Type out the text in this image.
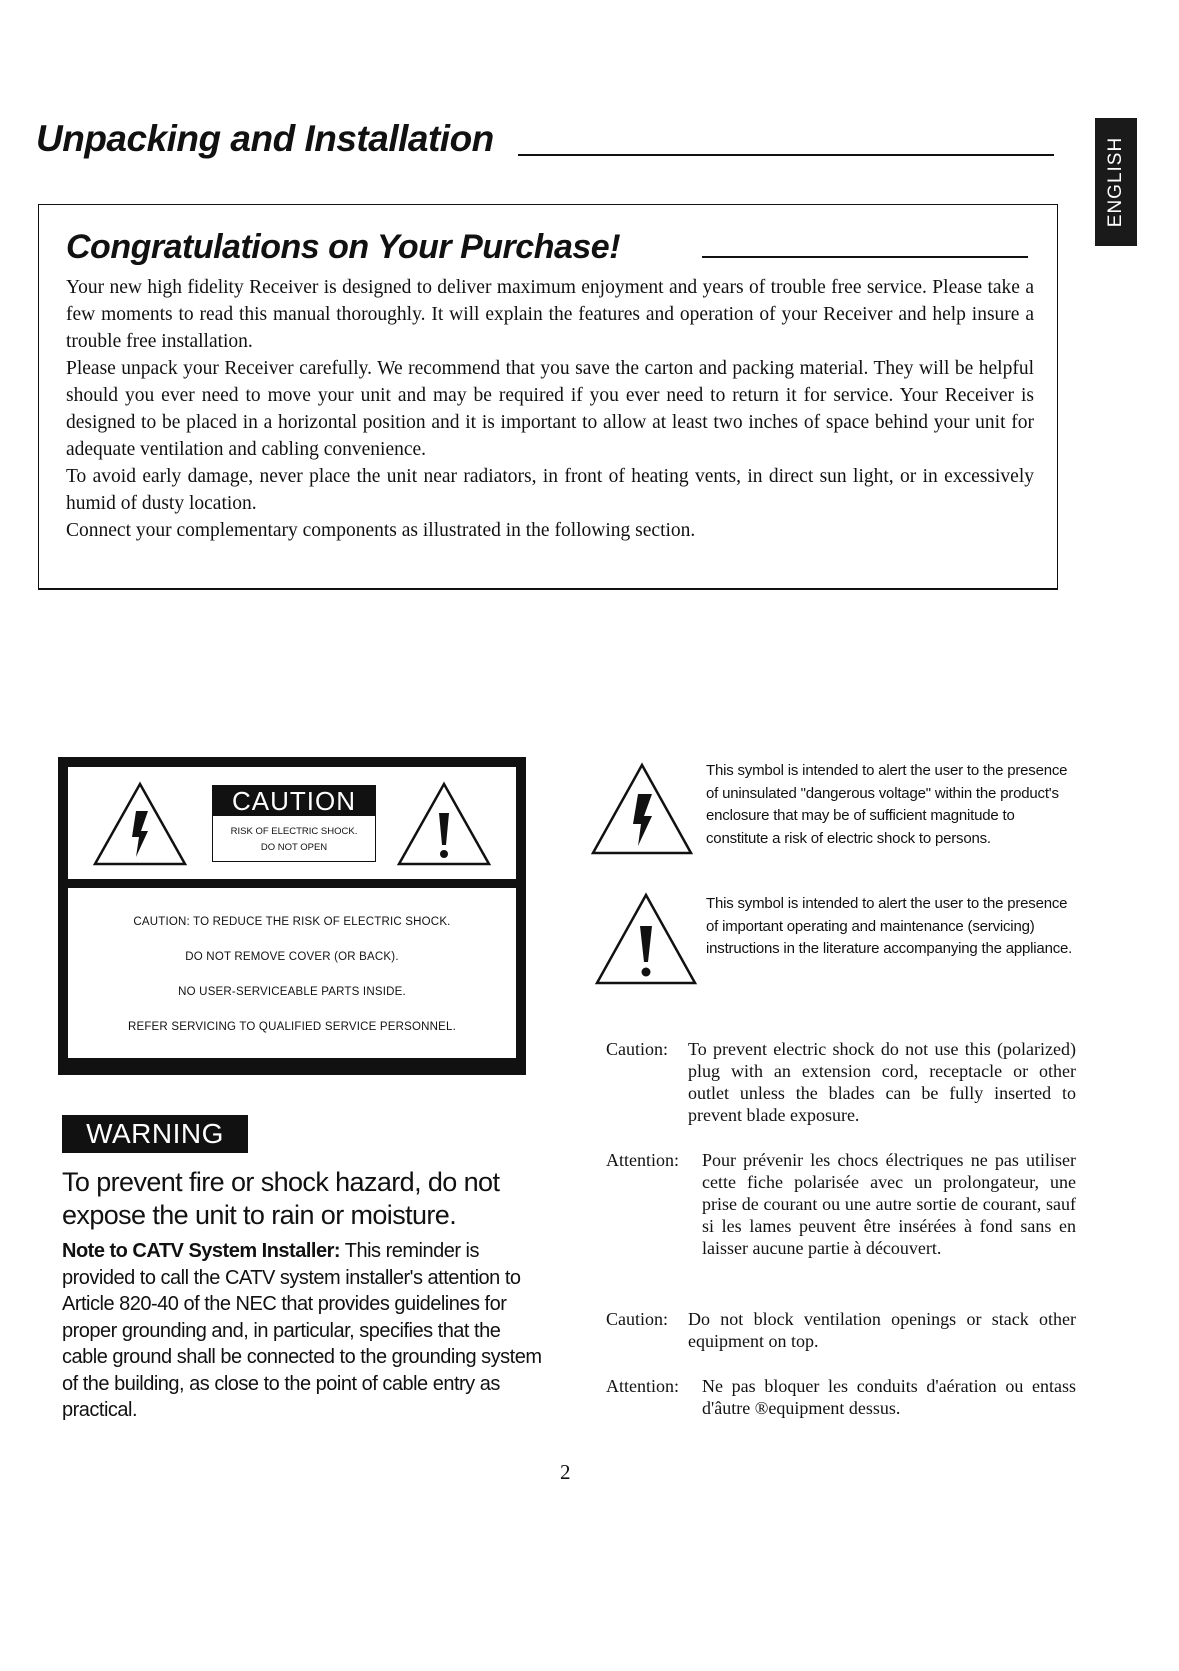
ENGLISH
Unpacking and Installation
Congratulations on Your Purchase!

Your new high fidelity Receiver is designed to deliver maximum enjoyment and years of trouble free service. Please take a few moments to read this manual thoroughly. It will explain the features and operation of your Receiver and help insure a trouble free installation.

Please unpack your Receiver carefully. We recommend that you save the carton and packing material. They will be helpful should you ever need to move your unit and may be required if you ever need to return it for service. Your Receiver is designed to be placed in a horizontal position and it is important to allow at least two inches of space behind your unit for adequate ventilation and cabling convenience.

To avoid early damage, never place the unit near radiators, in front of heating vents, in direct sun light, or in excessively humid of dusty location.

Connect your complementary components as illustrated in the following section.

CAUTION
RISK OF ELECTRIC SHOCK.
DO NOT OPEN
CAUTION: TO REDUCE THE RISK OF ELECTRIC SHOCK.
DO NOT REMOVE COVER (OR BACK).
NO USER-SERVICEABLE PARTS INSIDE.
REFER SERVICING TO QUALIFIED SERVICE PERSONNEL.
WARNING
To prevent fire or shock hazard, do not expose the unit to rain or moisture.
Note to CATV System Installer: This reminder is provided to call the CATV system installer's attention to Article 820-40 of the NEC that provides guidelines for proper grounding and, in particular, specifies that the cable ground shall be connected to the grounding system of the building, as close to the point of cable entry as practical.
This symbol is intended to alert the user to the presence of uninsulated "dangerous voltage" within the product's enclosure that may be of sufficient magnitude to constitute a risk of electric shock to persons.
This symbol is intended to alert the user to the presence of important operating and maintenance (servicing) instructions in the literature accompanying the appliance.
Caution: To prevent electric shock do not use this (polarized) plug with an extension cord, receptacle or other outlet unless the blades can be fully inserted to prevent blade exposure.
Attention: Pour prévenir les chocs électriques ne pas utiliser cette fiche polarisée avec un prolongateur, une prise de courant ou une autre sortie de courant, sauf si les lames peuvent être insérées à fond sans en laisser aucune partie à découvert.
Caution: Do not block ventilation openings or stack other equipment on top.
Attention: Ne pas bloquer les conduits d'aération ou entass d'âutre ®equipment dessus.
2
